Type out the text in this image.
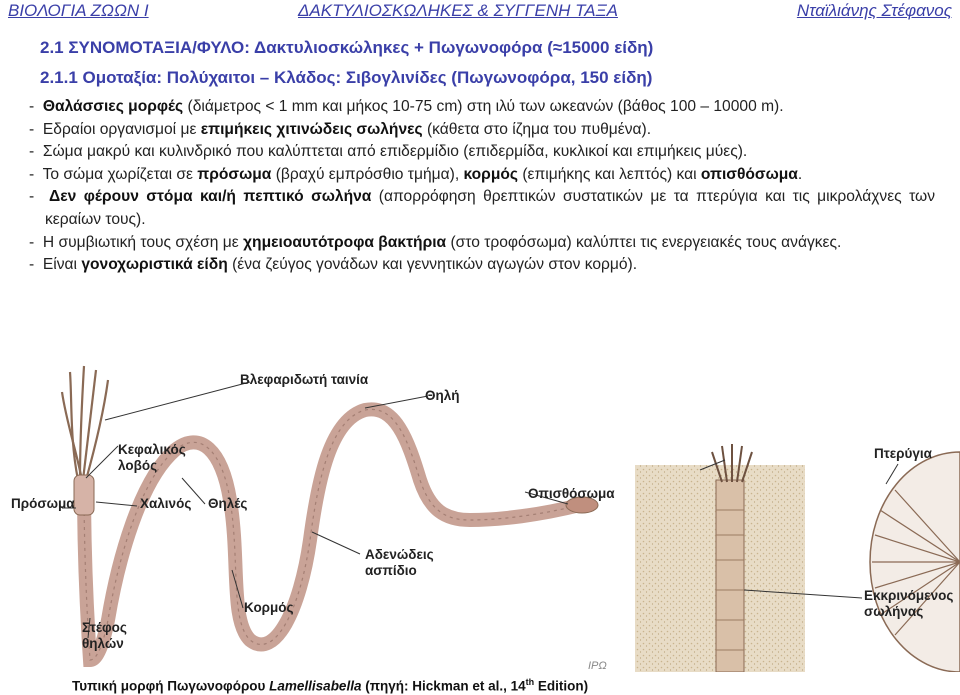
ΒΙΟΛΟΓΙΑ ΖΩΩΝ Ι	ΔΑΚΤΥΛΙΟΣΚΩΛΗΚΕΣ & ΣΥΓΓΕΝΗ ΤΑΞΑ	Νταϊλιάνης Στέφανος
2.1 ΣΥΝΟΜΟΤΑΞΙΑ/ΦΥΛΟ: Δακτυλιοσκώληκες + Πωγωνοφόρα (≈15000 είδη)
2.1.1 Ομοταξία: Πολύχαιτοι – Κλάδος: Σιβογλινίδες (Πωγωνοφόρα, 150 είδη)

-  Θαλάσσιες μορφές (διάμετρος < 1 mm και μήκος 10-75 cm) στη ιλύ των ωκεανών (βάθος 100 – 10000 m).

-  Εδραίοι οργανισμοί με επιμήκεις χιτινώδεις σωλήνες (κάθετα στο ίζημα του πυθμένα).

-  Σώμα μακρύ και κυλινδρικό που καλύπτεται από επιδερμίδιο (επιδερμίδα, κυκλικοί και επιμήκεις μύες).

-  Το σώμα χωρίζεται σε πρόσωμα (βραχύ εμπρόσθιο τμήμα), κορμός (επιμήκης και λεπτός) και οπισθόσωμα.

-  Δεν φέρουν στόμα και/ή πεπτικό σωλήνα (απορρόφηση θρεπτικών συστατικών με τα πτερύγια και τις μικρολάχνες των κεραίων τους).

-  Η συμβιωτική τους σχέση με χημειοαυτότροφα βακτήρια (στο τροφόσωμα) καλύπτει τις ενεργειακές τους ανάγκες.

-  Είναι γονοχωριστικά είδη (ένα ζεύγος γονάδων και γεννητικών αγωγών στον κορμό).

Βλεφαριδωτή ταινία
Θηλή
Κεφαλικός
λοβός
Πρόσωμα	Χαλινός Θηλές
Οπισθόσωμα
Αδενώδεις
ασπίδιο
Κορμός
Στέφος
θηλών
Πτερύγια
Εκκρινόμενος
σωλήνας
ΙΡΩ
Τυπική μορφή Πωγωνοφόρου Lamellisabella (πηγή: Hickman et al., 14th Edition)
